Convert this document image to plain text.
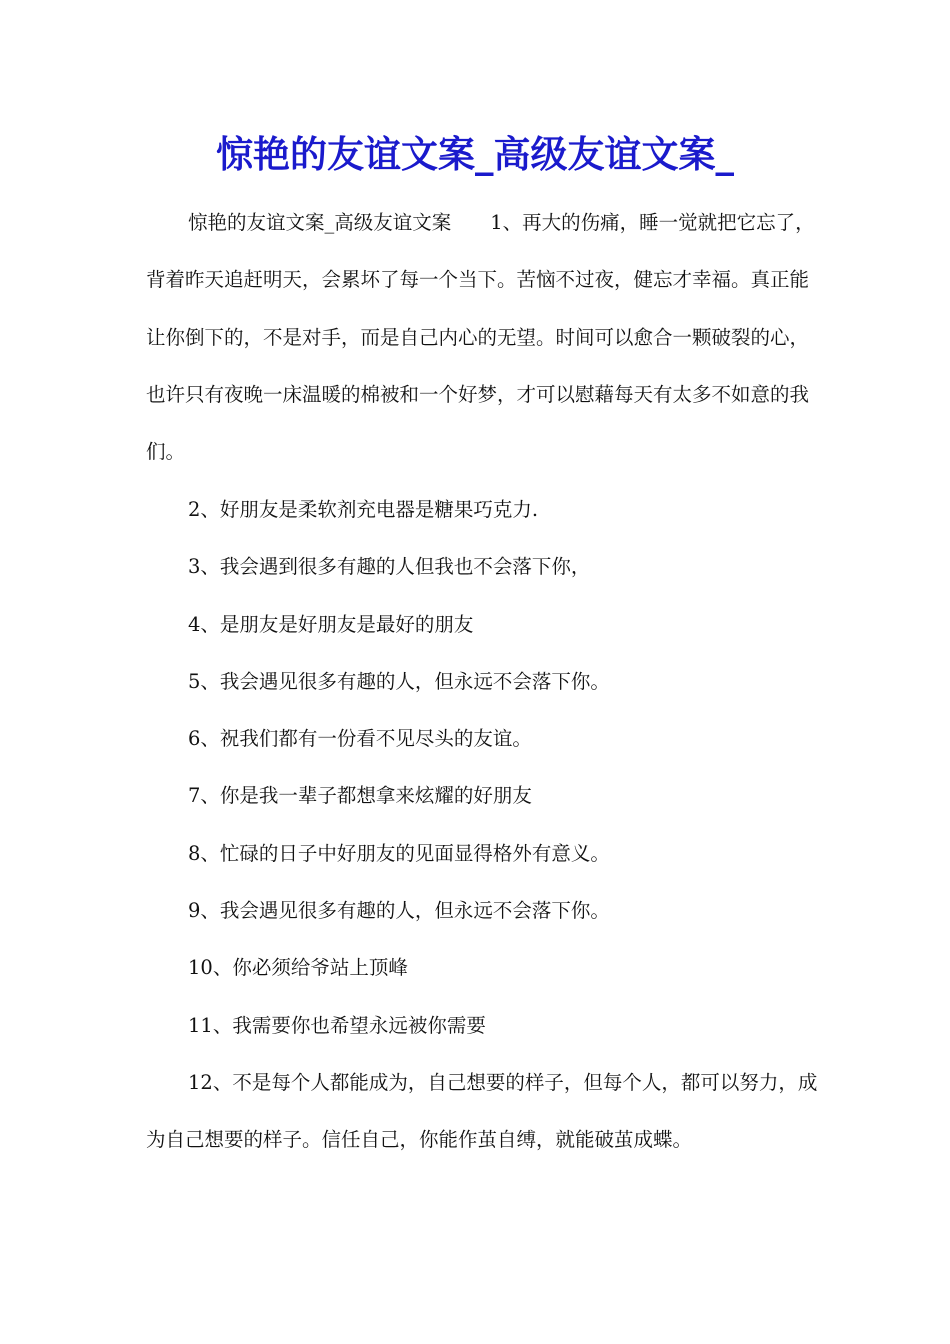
惊艳的友谊文案_高级友谊文案_

惊艳的友谊文案_高级友谊文案　　1、再大的伤痛，睡一觉就把它忘了，背着昨天追赶明天，会累坏了每一个当下。苦恼不过夜，健忘才幸福。真正能让你倒下的，不是对手，而是自己内心的无望。时间可以愈合一颗破裂的心，也许只有夜晚一床温暖的棉被和一个好梦，才可以慰藉每天有太多不如意的我们。

2、好朋友是柔软剂充电器是糖果巧克力.

3、我会遇到很多有趣的人但我也不会落下你，

4、是朋友是好朋友是最好的朋友

5、我会遇见很多有趣的人，但永远不会落下你。

6、祝我们都有一份看不见尽头的友谊。

7、你是我一辈子都想拿来炫耀的好朋友

8、忙碌的日子中好朋友的见面显得格外有意义。

9、我会遇见很多有趣的人，但永远不会落下你。

10、你必须给爷站上顶峰

11、我需要你也希望永远被你需要

12、不是每个人都能成为，自己想要的样子，但每个人，都可以努力，成为自己想要的样子。信任自己，你能作茧自缚，就能破茧成蝶。
